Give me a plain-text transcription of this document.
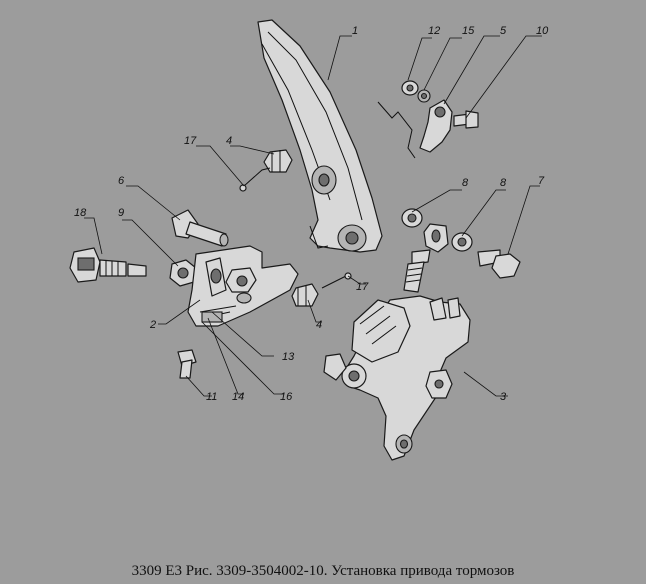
1	12 15 5	10
17	4
6	8	8	7
18	9
17
2	4
13
3
11 14	16
3309 E3 Рис. 3309-3504002-10. Установка привода тормозов
